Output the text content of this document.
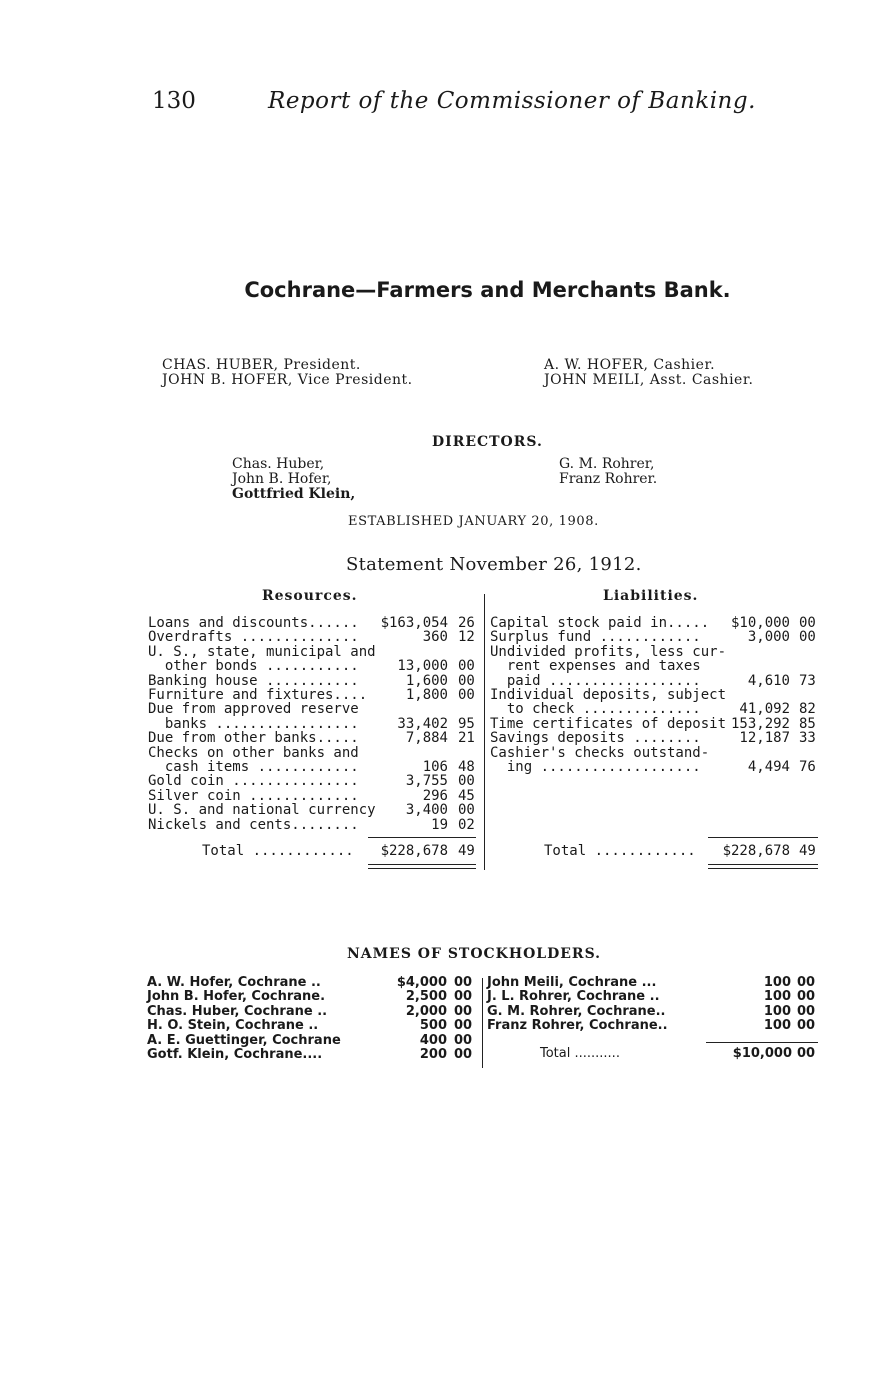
130	Report of the Commissioner of Banking.
Cochrane—Farmers and Merchants Bank.
CHAS. HUBER, President.
JOHN B. HOFER, Vice President.
A. W. HOFER, Cashier.
JOHN MEILI, Asst. Cashier.
DIRECTORS.
Chas. Huber,
John B. Hofer,
Gottfried Klein,
G. M. Rohrer,
Franz Rohrer.
ESTABLISHED JANUARY 20, 1908.
Statement November 26, 1912.
Resources.	Liabilities.
Loans and discounts......	$163,054 26
Overdrafts ..............	360 12
U. S., state, municipal and
other bonds ...........	13,000 00
Banking house ...........	1,600 00
Furniture and fixtures....	1,800 00
Due from approved reserve
banks .................	33,402 95
Due from other banks.....	7,884 21
Checks on other banks and
cash items ............	106 48
Gold coin ...............	3,755 00
Silver coin .............	296 45
U. S. and national currency	3,400 00
Nickels and cents........	19 02
Capital stock paid in.....	$10,000 00
Surplus fund ............	3,000 00
Undivided profits, less cur-
rent expenses and taxes
paid ..................	4,610 73
Individual deposits, subject
to check ..............	41,092 82
Time certificates of deposit 153,292 85
Savings deposits ........	12,187 33
Cashier's checks outstand-
ing ...................	4,494 76
Total ............	$228,678 49	Total ............	$228,678 49
NAMES OF STOCKHOLDERS.
A. W. Hofer, Cochrane ..	$4,000 00
John B. Hofer, Cochrane.	2,500 00
Chas. Huber, Cochrane ..	2,000 00
H. O. Stein, Cochrane ..	500 00
A. E. Guettinger, Cochrane	400 00
Gotf. Klein, Cochrane....	200 00
John Meili, Cochrane ...	100 00
J. L. Rohrer, Cochrane ..	100 00
G. M. Rohrer, Cochrane..	100 00
Franz Rohrer, Cochrane..	100 00
Total ...........	$10,000 00
